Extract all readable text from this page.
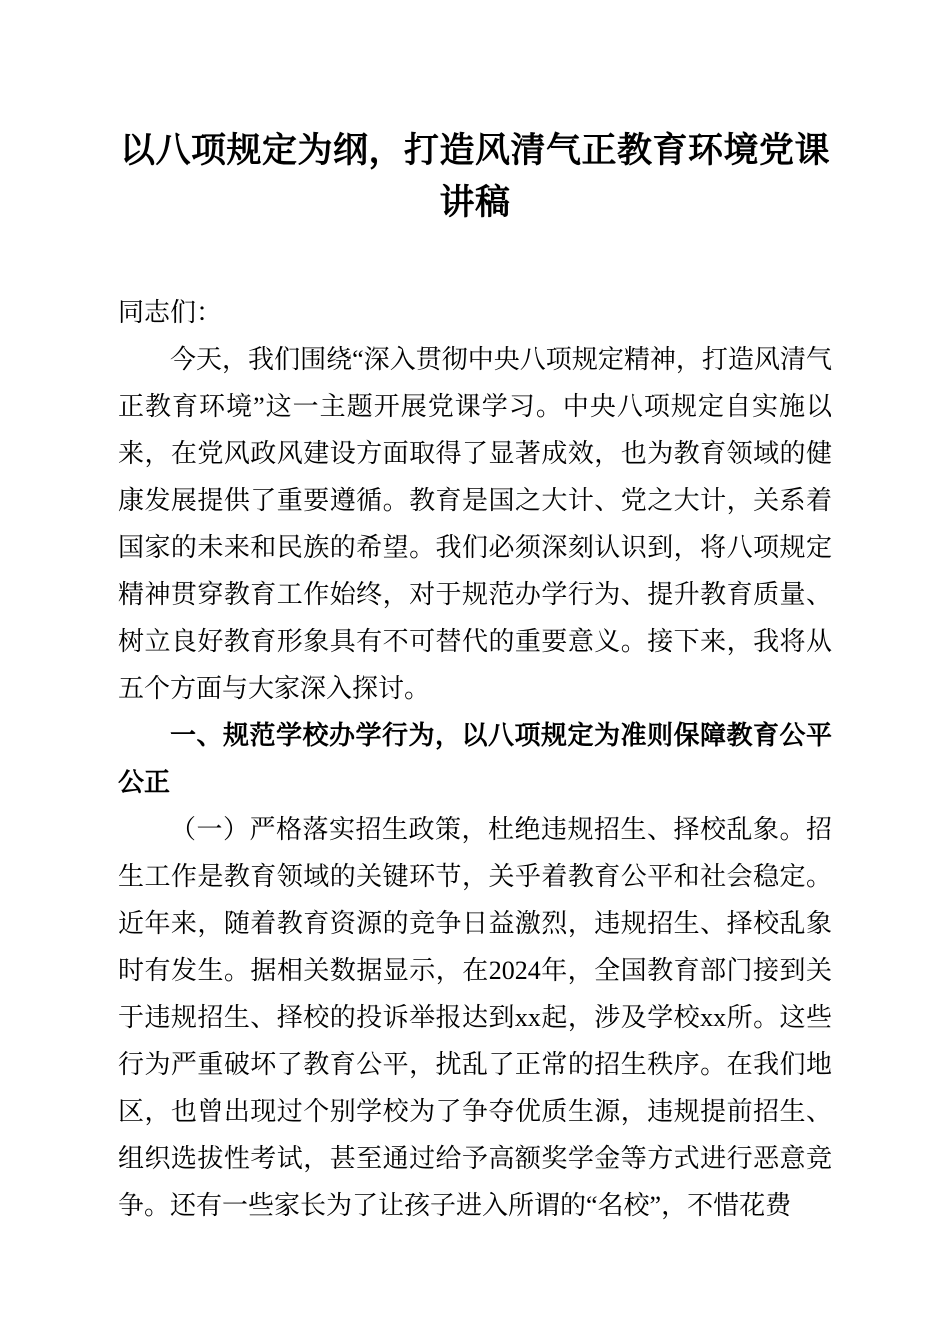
以八项规定为纲，打造风清气正教育环境党课讲稿

同志们：

今天，我们围绕“深入贯彻中央八项规定精神，打造风清气正教育环境”这一主题开展党课学习。中央八项规定自实施以来，在党风政风建设方面取得了显著成效，也为教育领域的健康发展提供了重要遵循。教育是国之大计、党之大计，关系着国家的未来和民族的希望。我们必须深刻认识到，将八项规定精神贯穿教育工作始终，对于规范办学行为、提升教育质量、树立良好教育形象具有不可替代的重要意义。接下来，我将从五个方面与大家深入探讨。

一、规范学校办学行为，以八项规定为准则保障教育公平公正

（一）严格落实招生政策，杜绝违规招生、择校乱象。招生工作是教育领域的关键环节，关乎着教育公平和社会稳定。近年来，随着教育资源的竞争日益激烈，违规招生、择校乱象时有发生。据相关数据显示，在2024年，全国教育部门接到关于违规招生、择校的投诉举报达到xx起，涉及学校xx所。这些行为严重破坏了教育公平，扰乱了正常的招生秩序。在我们地区，也曾出现过个别学校为了争夺优质生源，违规提前招生、组织选拔性考试，甚至通过给予高额奖学金等方式进行恶意竞争。还有一些家长为了让孩子进入所谓的“名校”，不惜花费
